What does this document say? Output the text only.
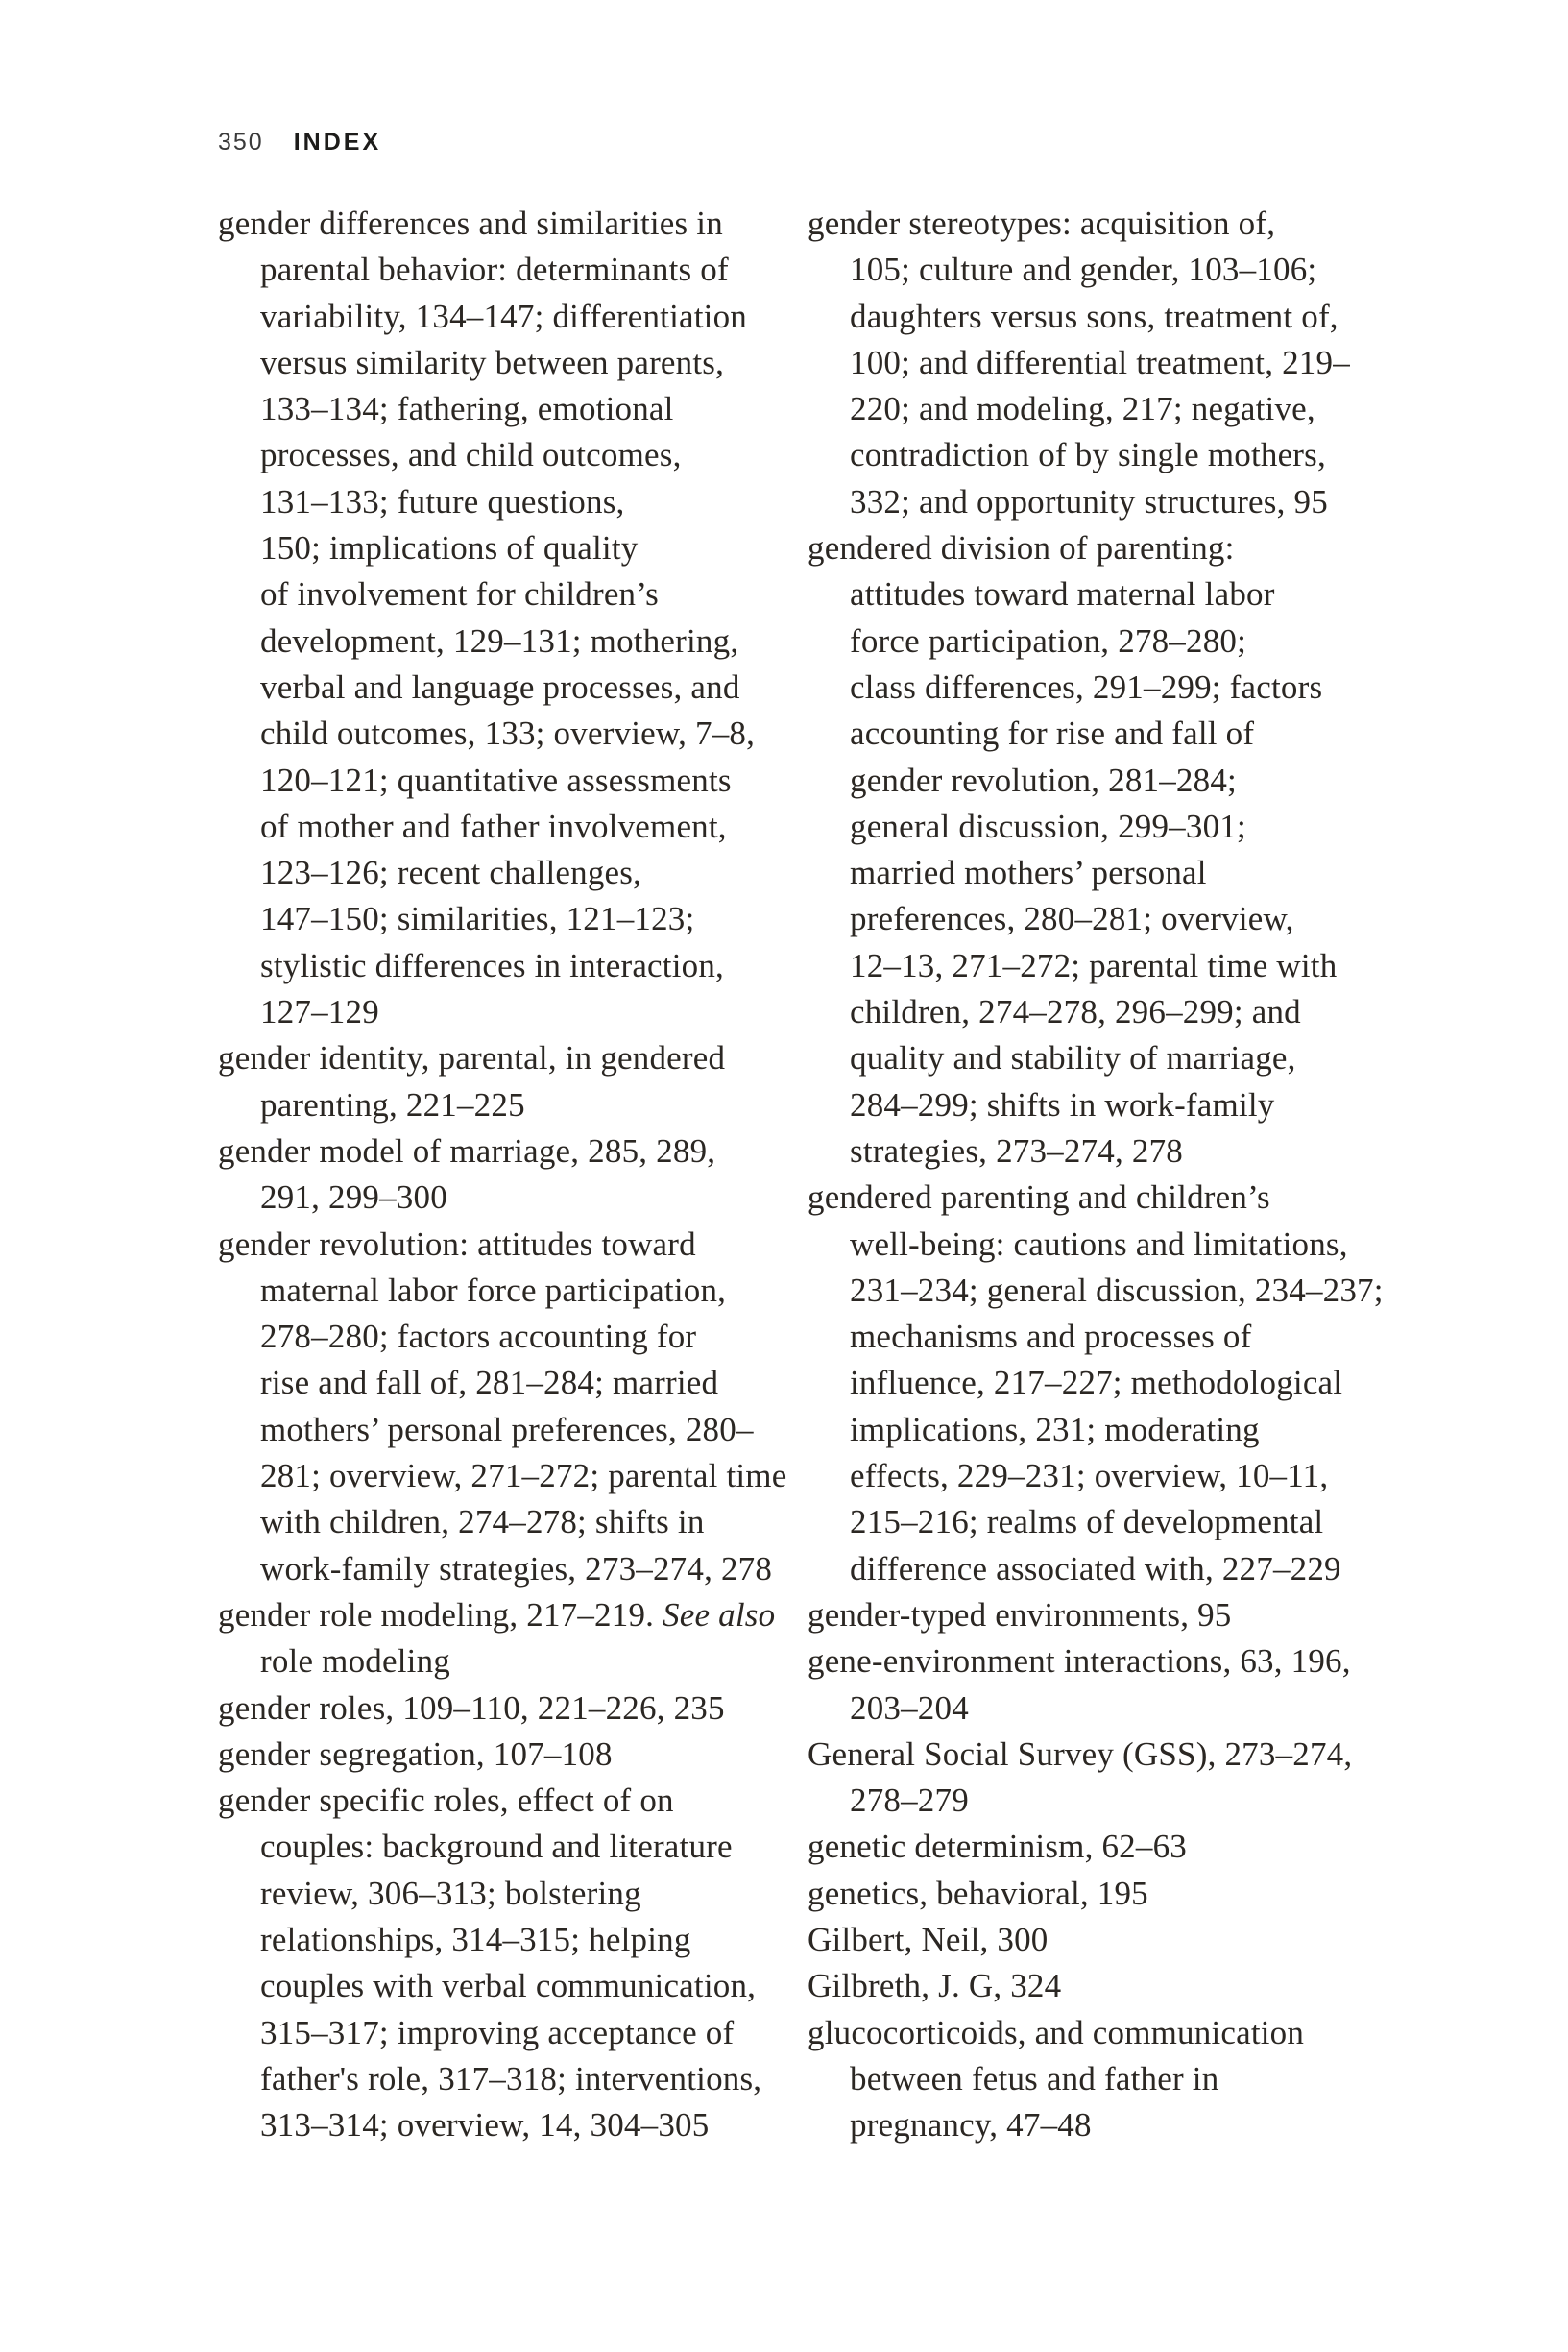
350 INDEX
gender differences and similarities in
parental behavior: determinants of
variability, 134–147; differentiation
versus similarity between parents,
133–134; fathering, emotional
processes, and child outcomes,
131–133; future questions,
150; implications of quality
of involvement for children’s
development, 129–131; mothering,
verbal and language processes, and
child outcomes, 133; overview, 7–8,
120–121; quantitative assessments
of mother and father involvement,
123–126; recent challenges,
147–150; similarities, 121–123;
stylistic differences in interaction,
127–129
gender identity, parental, in gendered
parenting, 221–225
gender model of marriage, 285, 289,
291, 299–300
gender revolution: attitudes toward
maternal labor force participation,
278–280; factors accounting for
rise and fall of, 281–284; married
mothers’ personal preferences, 280–
281; overview, 271–272; parental time
with children, 274–278; shifts in
work-family strategies, 273–274, 278
gender role modeling, 217–219. See also
role modeling
gender roles, 109–110, 221–226, 235
gender segregation, 107–108
gender specific roles, effect of on
couples: background and literature
review, 306–313; bolstering
relationships, 314–315; helping
couples with verbal communication,
315–317; improving acceptance of
father's role, 317–318; interventions,
313–314; overview, 14, 304–305
gender stereotypes: acquisition of,
105; culture and gender, 103–106;
daughters versus sons, treatment of,
100; and differential treatment, 219–
220; and modeling, 217; negative,
contradiction of by single mothers,
332; and opportunity structures, 95
gendered division of parenting:
attitudes toward maternal labor
force participation, 278–280;
class differences, 291–299; factors
accounting for rise and fall of
gender revolution, 281–284;
general discussion, 299–301;
married mothers’ personal
preferences, 280–281; overview,
12–13, 271–272; parental time with
children, 274–278, 296–299; and
quality and stability of marriage,
284–299; shifts in work-family
strategies, 273–274, 278
gendered parenting and children’s
well-being: cautions and limitations,
231–234; general discussion, 234–237;
mechanisms and processes of
influence, 217–227; methodological
implications, 231; moderating
effects, 229–231; overview, 10–11,
215–216; realms of developmental
difference associated with, 227–229
gender-typed environments, 95
gene-environment interactions, 63, 196,
203–204
General Social Survey (GSS), 273–274,
278–279
genetic determinism, 62–63
genetics, behavioral, 195
Gilbert, Neil, 300
Gilbreth, J. G, 324
glucocorticoids, and communication
between fetus and father in
pregnancy, 47–48
